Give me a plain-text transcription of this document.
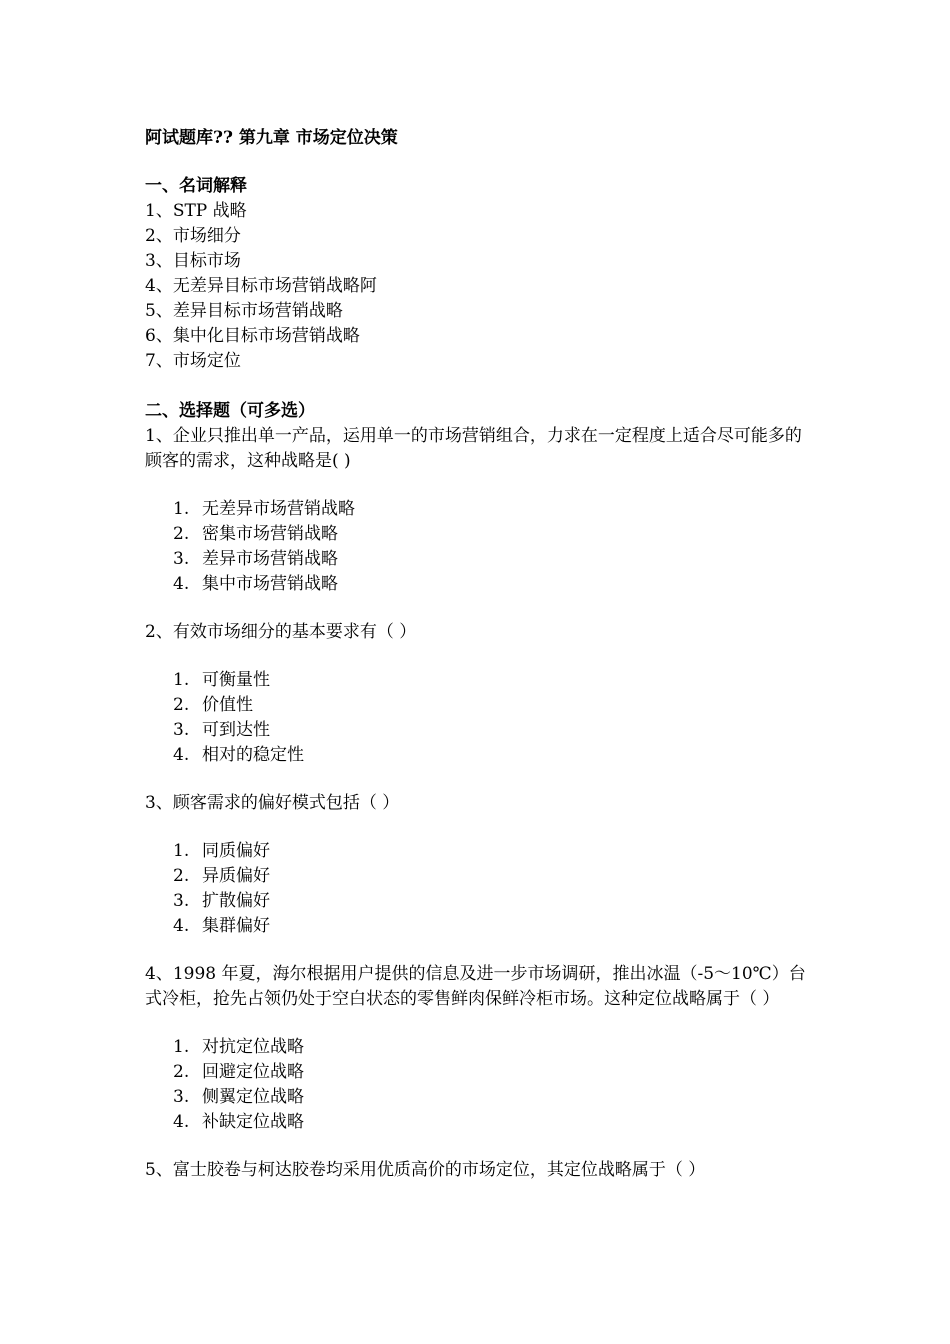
阿试题库?? 第九章 市场定位决策

一、名词解释

1、STP 战略

2、市场细分

3、目标市场

4、无差异目标市场营销战略阿

5、差异目标市场营销战略

6、集中化目标市场营销战略

7、市场定位

二、选择题（可多选）

1、企业只推出单一产品，运用单一的市场营销组合，力求在一定程度上适合尽可能多的顾客的需求，这种战略是( )

1. 无差异市场营销战略
2. 密集市场营销战略
3. 差异市场营销战略
4. 集中市场营销战略

2、有效市场细分的基本要求有（ ）

1. 可衡量性
2. 价值性
3. 可到达性
4. 相对的稳定性

3、顾客需求的偏好模式包括（ ）

1. 同质偏好
2. 异质偏好
3. 扩散偏好
4. 集群偏好

4、1998 年夏，海尔根据用户提供的信息及进一步市场调研，推出冰温（-5～10℃）台式冷柜，抢先占领仍处于空白状态的零售鲜肉保鲜冷柜市场。这种定位战略属于（ ）

1. 对抗定位战略
2. 回避定位战略
3. 侧翼定位战略
4. 补缺定位战略

5、富士胶卷与柯达胶卷均采用优质高价的市场定位，其定位战略属于（ ）
